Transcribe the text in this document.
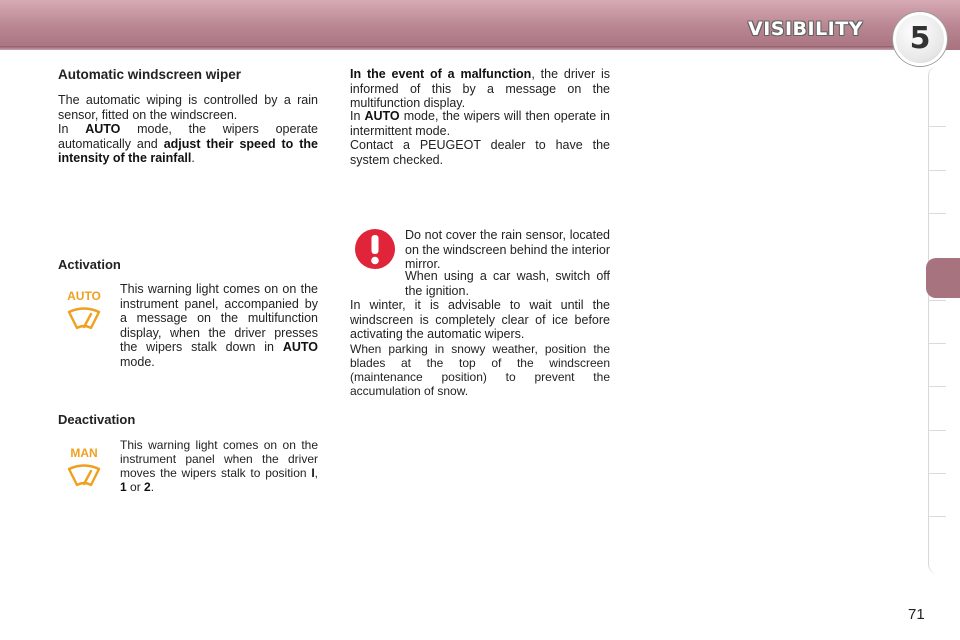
VISIBILITY	5
Automatic windscreen wiper
The automatic wiping is controlled by a rain sensor, fitted on the windscreen.
In AUTO mode, the wipers operate automatically and adjust their speed to the intensity of the rainfall.
Activation
AUTO This warning light comes on on the instrument panel, accompanied by a message on the multifunction display, when the driver presses the wipers stalk down in AUTO mode.
Deactivation
MAN
This warning light comes on on the instrument panel when the driver moves the wipers stalk to position I, 1 or 2.
In the event of a malfunction, the driver is informed of this by a message on the multifunction display.
In AUTO mode, the wipers will then operate in intermittent mode.
Contact a PEUGEOT dealer to have the system checked.
Do not cover the rain sensor, located on the windscreen behind the interior mirror.
When using a car wash, switch off the ignition.
In winter, it is advisable to wait until the windscreen is completely clear of ice before activating the automatic wipers.
When parking in snowy weather, position the blades at the top of the windscreen (maintenance position) to prevent the accumulation of snow.
71
